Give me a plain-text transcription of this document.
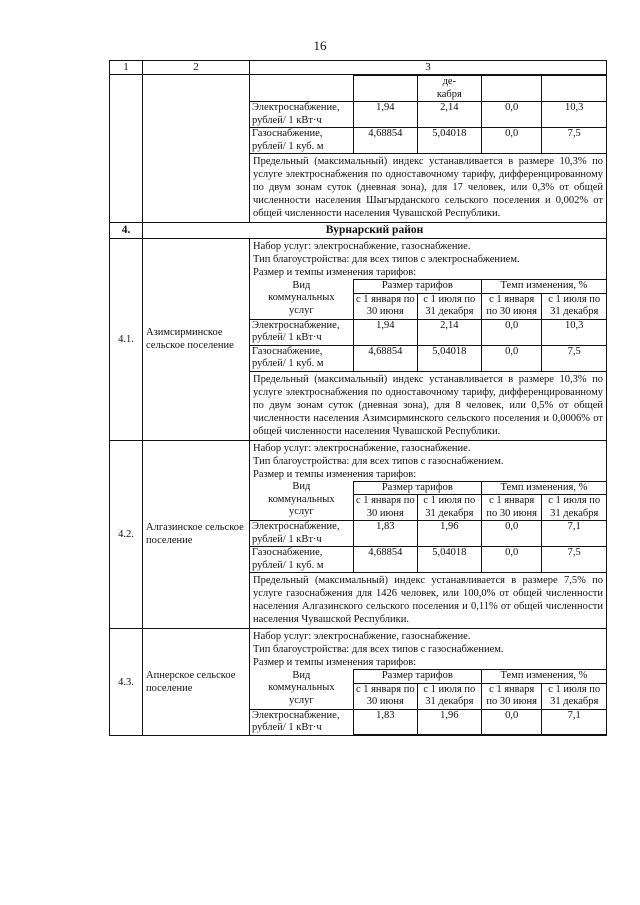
16
1	2	3

		де- кабря		
Электроснабжение, рублей/ 1 кВт·ч	1,94	2,14	0,0	10,3
Газоснабжение, рублей/ 1 куб. м	4,68854	5,04018	0,0	7,5
Предельный (максимальный) индекс устанавливается в размере 10,3% по услуге электроснабжения по одноставочному тарифу, дифференцированному по двум зонам суток (дневная зона), для 17 человек, или 0,3% от общей численности населения Шыгырданского сельского поселения и 0,002% от общей численности населения Чувашской Республики.

4.	Вурнарский район
4.1.	Азимсирминское сельское поселение	
Набор услуг: электроснабжение, газоснабжение.
Тип благоустройства: для всех типов с электроснабжением.
Размер и темпы изменения тарифов:
Вид коммунальных услуг	Размер тарифов	Темп изменения, %
с 1 января по 30 июня	с 1 июля по 31 декабря	с 1 января по 30 июня	с 1 июля по 31 декабря
Электроснабжение, рублей/ 1 кВт·ч	1,94	2,14	0,0	10,3
Газоснабжение, рублей/ 1 куб. м	4,68854	5,04018	0,0	7,5
Предельный (максимальный) индекс устанавливается в размере 10,3% по услуге электроснабжения по одноставочному тарифу, дифференцированному по двум зонам суток (дневная зона), для 8 человек, или 0,5% от общей численности населения Азимсирминского сельского поселения и 0,0006% от общей численности населения Чувашской Республики.

4.2.	Алгазинское сельское поселение	
Набор услуг: электроснабжение, газоснабжение.
Тип благоустройства: для всех типов с газоснабжением.
Размер и темпы изменения тарифов:
Вид коммунальных услуг	Размер тарифов	Темп изменения, %
с 1 января по 30 июня	с 1 июля по 31 декабря	с 1 января по 30 июня	с 1 июля по 31 декабря
Электроснабжение, рублей/ 1 кВт·ч	1,83	1,96	0,0	7,1
Газоснабжение, рублей/ 1 куб. м	4,68854	5,04018	0,0	7,5
Предельный (максимальный) индекс устанавливается в размере 7,5% по услуге газоснабжения для 1426 человек, или 100,0% от общей численности населения Алгазинского сельского поселения и 0,11% от общей численности населения Чувашской Республики.

4.3.	Апнерское сельское поселение	
Набор услуг: электроснабжение, газоснабжение.
Тип благоустройства: для всех типов с газоснабжением.
Размер и темпы изменения тарифов:
Вид коммунальных услуг	Размер тарифов	Темп изменения, %
с 1 января по 30 июня	с 1 июля по 31 декабря	с 1 января по 30 июня	с 1 июля по 31 декабря
Электроснабжение, рублей/ 1 кВт·ч	1,83	1,96	0,0	7,1
